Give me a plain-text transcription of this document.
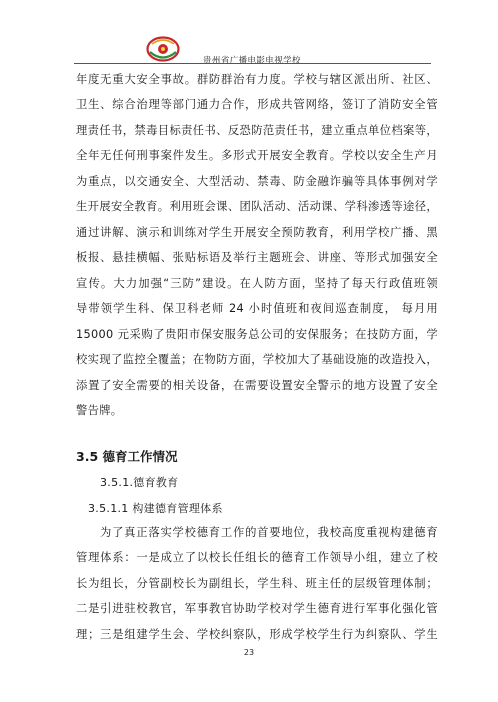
贵州省广播电影电视学校
年度无重大安全事故。群防群治有力度。学校与辖区派出所、社区、
卫生、综合治理等部门通力合作，形成共管网络，签订了消防安全管
理责任书，禁毒目标责任书、反恐防范责任书，建立重点单位档案等，
全年无任何刑事案件发生。多形式开展安全教育。学校以安全生产月
为重点，以交通安全、大型活动、禁毒、防金融诈骗等具体事例对学
生开展安全教育。利用班会课、团队活动、活动课、学科渗透等途径，
通过讲解、演示和训练对学生开展安全预防教育，利用学校广播、黑
板报、悬挂横幅、张贴标语及举行主题班会、讲座、等形式加强安全
宣传。大力加强“三防”建设。在人防方面，坚持了每天行政值班领
导带领学生科、保卫科老师 24 小时值班和夜间巡查制度， 每月用
15000 元采购了贵阳市保安服务总公司的安保服务；在技防方面，学
校实现了监控全覆盖；在物防方面，学校加大了基础设施的改造投入，
添置了安全需要的相关设备，在需要设置安全警示的地方设置了安全
警告牌。
3.5 德育工作情况
3.5.1.德育教育
3.5.1.1 构建德育管理体系
为了真正落实学校德育工作的首要地位，我校高度重视构建德育
管理体系：一是成立了以校长任组长的德育工作领导小组，建立了校
长为组长，分管副校长为副组长，学生科、班主任的层级管理体制；
二是引进驻校教官，军事教官协助学校对学生德育进行军事化强化管
理；三是组建学生会、学校纠察队，形成学校学生行为纠察队、学生
23
